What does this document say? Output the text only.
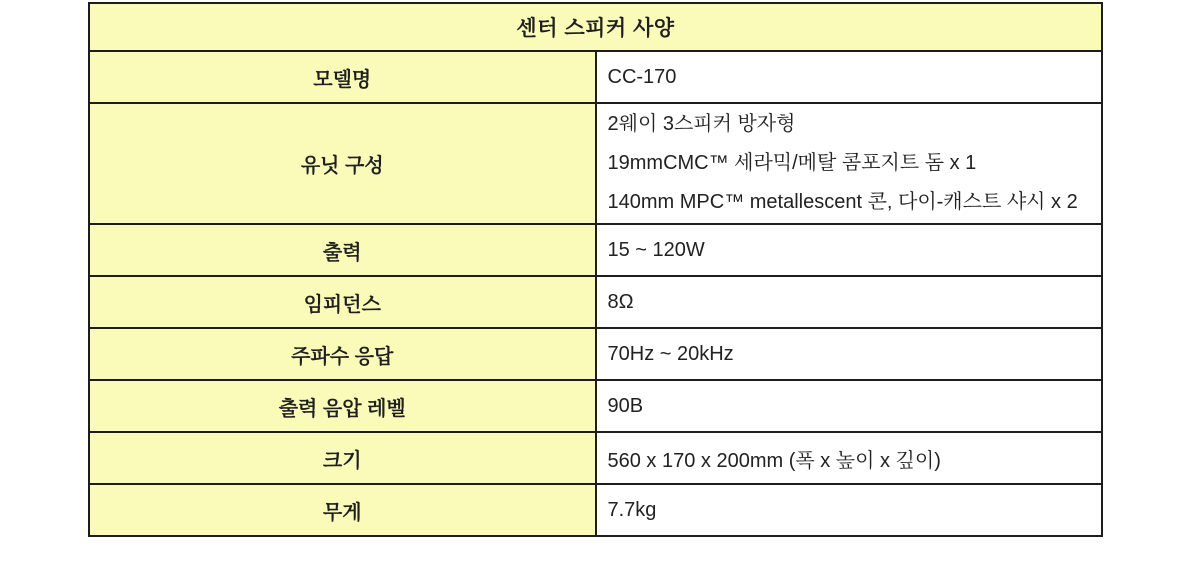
센터 스피커 사양	
모델명	CC-170
유닛 구성	2웨이 3스피커 방자형
19mmCMC™ 세라믹/메탈 콤포지트 돔 x 1
140mm MPC™ metallescent 콘, 다이-캐스트 샤시 x 2

출력	15 ~ 120W
임피던스	8Ω
주파수 응답	70Hz ~ 20kHz
출력 음압 레벨	90B
크기	560 x 170 x 200mm (폭 x 높이 x 깊이)
무게	7.7kg
